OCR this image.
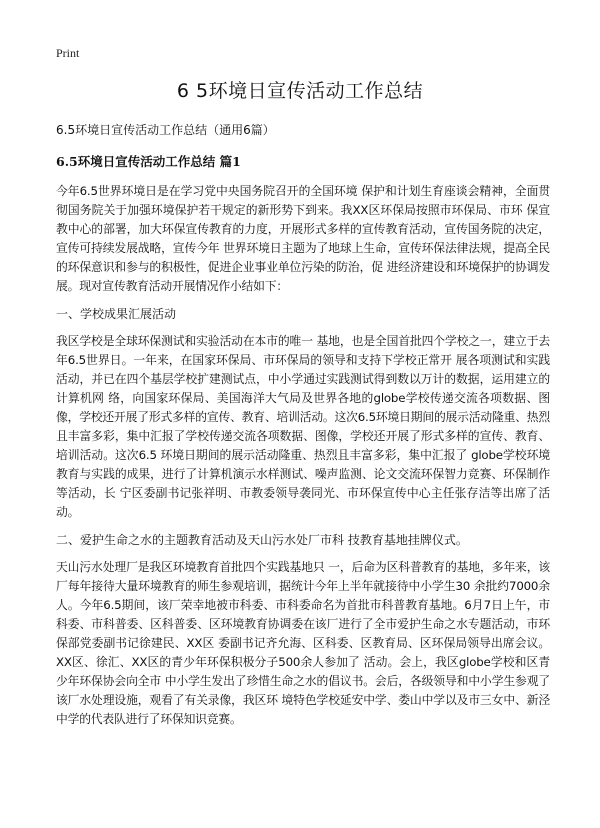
Print
6 5环境日宣传活动工作总结

6.5环境日宣传活动工作总结（通用6篇）

6.5环境日宣传活动工作总结 篇1

今年6.5世界环境日是在学习党中央国务院召开的全国环境 保护和计划生育座谈会精神，全面贯彻国务院关于加强环境保护若干规定的新形势下到来。我XX区环保局按照市环保局、市环 保宣教中心的部署，加大环保宣传教育的力度，开展形式多样的宣传教育活动，宣传国务院的决定，宣传可持续发展战略，宣传今年 世界环境日主题为了地球上生命，宣传环保法律法规，提高全民的环保意识和参与的积极性，促进企业事业单位污染的防治，促 进经济建设和环境保护的协调发展。现对宣传教育活动开展情况作小结如下：

一、学校成果汇展活动

我区学校是全球环保测试和实验活动在本市的唯一 基地，也是全国首批四个学校之一，建立于去年6.5世界日。一年来，在国家环保局、市环保局的领导和支持下学校正常开 展各项测试和实践活动，并已在四个基层学校扩建测试点，中小学通过实践测试得到数以万计的数据，运用建立的计算机网 络，向国家环保局、美国海洋大气局及世界各地的globe学校传递交流各项数据、图像，学校还开展了形式多样的宣传、教育、培训活动。这次6.5环境日期间的展示活动隆重、热烈且丰富多彩，集中汇报了学校传递交流各项数据、图像，学校还开展了形式多样的宣传、教育、培训活动。这次6.5 环境日期间的展示活动隆重、热烈且丰富多彩，集中汇报了 globe学校环境教育与实践的成果，进行了计算机演示水样测试、噪声监测、论文交流环保智力竞赛、环保制作等活动，长 宁区委副书记张祥明、市教委领导袭同光、市环保宣传中心主任张存洁等出席了活动。

二、爱护生命之水的主题教育活动及天山污水处厂市科 技教育基地挂牌仪式。

天山污水处理厂是我区环境教育首批四个实践基地只 一，后命为区科普教育的基地，多年来，该厂每年接待大量环境教育的师生参观培训，据统计今年上半年就接待中小学生30 余批约7000余人。今年6.5期间，该厂荣幸地被市科委、市科委命名为首批市科普教育基地。6月7日上午，市科委、市科普委、区科普委、区环境教育协调委在该厂进行了全市爱护生命之水专题活动，市环保部党委副书记徐建民、XX区 委副书记齐允海、区科委、区教育局、区环保局领导出席会议。XX区、徐汇、XX区的青少年环保积极分子500余人参加了 活动。会上，我区globe学校和区青少年环保协会向全市 中小学生发出了珍惜生命之水的倡议书。会后，各级领导和中小学生参观了该厂水处理设施，观看了有关录像，我区环 境特色学校延安中学、娄山中学以及市三女中、新泾中学的代表队进行了环保知识竞赛。
